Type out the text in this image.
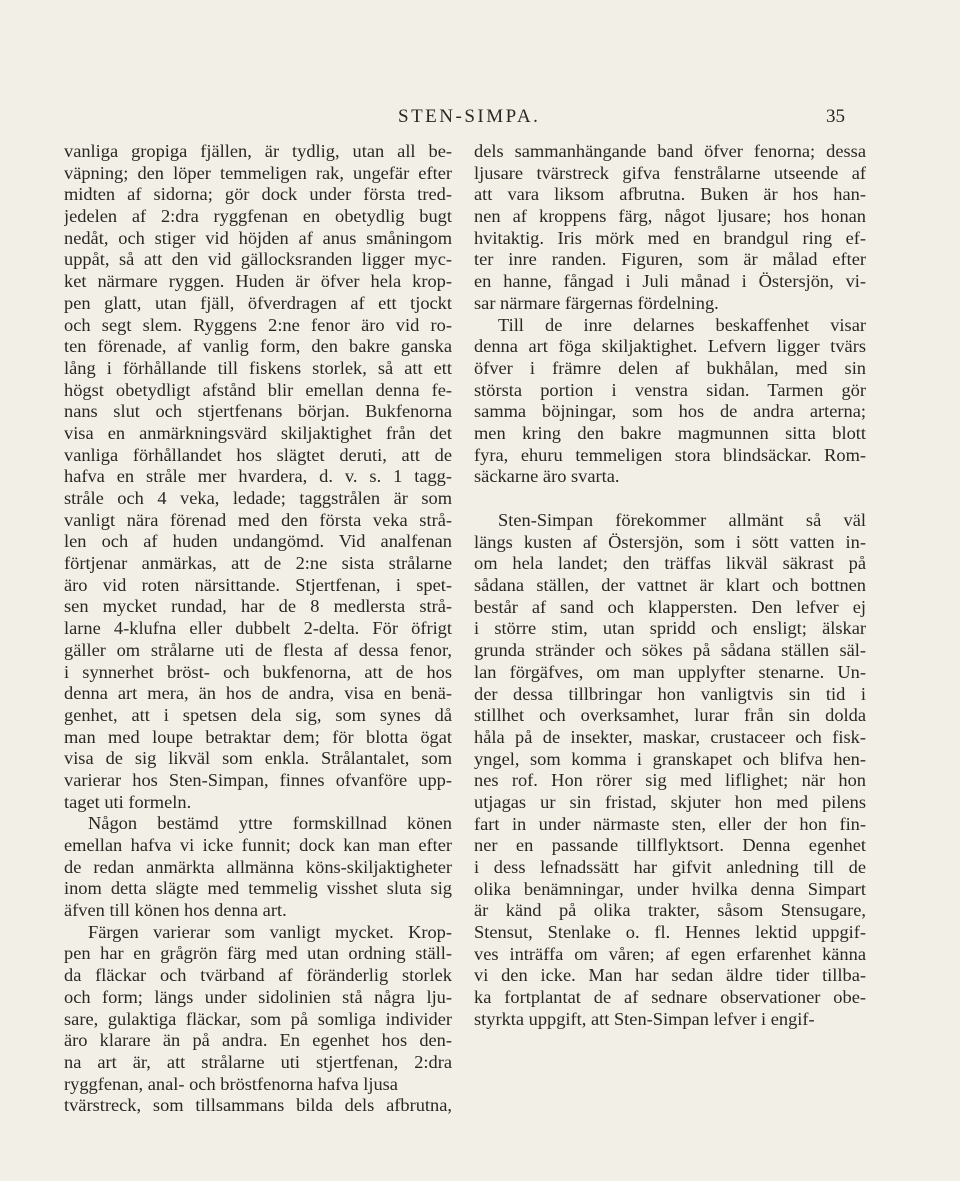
STEN-SIMPA.	35
vanliga gropiga fjällen, är tydlig, utan all be-
väpning; den löper temmeligen rak, ungefär efter
midten af sidorna; gör dock under första tred-
jedelen af 2:dra ryggfenan en obetydlig bugt
nedåt, och stiger vid höjden af anus småningom
uppåt, så att den vid gällocksranden ligger myc-
ket närmare ryggen. Huden är öfver hela krop-
pen glatt, utan fjäll, öfverdragen af ett tjockt
och segt slem. Ryggens 2:ne fenor äro vid ro-
ten förenade, af vanlig form, den bakre ganska
lång i förhållande till fiskens storlek, så att ett
högst obetydligt afstånd blir emellan denna fe-
nans slut och stjertfenans början. Bukfenorna
visa en anmärkningsvärd skiljaktighet från det
vanliga förhållandet hos slägtet deruti, att de
hafva en stråle mer hvardera, d. v. s. 1 tagg-
stråle och 4 veka, ledade; taggstrålen är som
vanligt nära förenad med den första veka strå-
len och af huden undangömd. Vid analfenan
förtjenar anmärkas, att de 2:ne sista strålarne
äro vid roten närsittande. Stjertfenan, i spet-
sen mycket rundad, har de 8 medlersta strå-
larne 4-klufna eller dubbelt 2-delta. För öfrigt
gäller om strålarne uti de flesta af dessa fenor,
i synnerhet bröst- och bukfenorna, att de hos
denna art mera, än hos de andra, visa en benä-
genhet, att i spetsen dela sig, som synes då
man med loupe betraktar dem; för blotta ögat
visa de sig likväl som enkla. Strålantalet, som
varierar hos Sten-Simpan, finnes ofvanföre upp-
taget uti formeln.
Någon bestämd yttre formskillnad könen
emellan hafva vi icke funnit; dock kan man efter
de redan anmärkta allmänna köns-skiljaktigheter
inom detta slägte med temmelig visshet sluta sig
äfven till könen hos denna art.
Färgen varierar som vanligt mycket. Krop-
pen har en grågrön färg med utan ordning ställ-
da fläckar och tvärband af föränderlig storlek
och form; längs under sidolinien stå några lju-
sare, gulaktiga fläckar, som på somliga individer
äro klarare än på andra. En egenhet hos den-
na art är, att strålarne uti stjertfenan, 2:dra
ryggfenan, anal- och bröstfenorna hafva ljusa
tvärstreck, som tillsammans bilda dels afbrutna,
dels sammanhängande band öfver fenorna; dessa
ljusare tvärstreck gifva fenstrålarne utseende af
att vara liksom afbrutna. Buken är hos han-
nen af kroppens färg, något ljusare; hos honan
hvitaktig. Iris mörk med en brandgul ring ef-
ter inre randen. Figuren, som är målad efter
en hanne, fångad i Juli månad i Östersjön, vi-
sar närmare färgernas fördelning.
Till de inre delarnes beskaffenhet visar
denna art föga skiljaktighet. Lefvern ligger tvärs
öfver i främre delen af bukhålan, med sin
största portion i venstra sidan. Tarmen gör
samma böjningar, som hos de andra arterna;
men kring den bakre magmunnen sitta blott
fyra, ehuru temmeligen stora blindsäckar. Rom-
säckarne äro svarta.
Sten-Simpan förekommer allmänt så väl
längs kusten af Östersjön, som i sött vatten in-
om hela landet; den träffas likväl säkrast på
sådana ställen, der vattnet är klart och bottnen
består af sand och klappersten. Den lefver ej
i större stim, utan spridd och ensligt; älskar
grunda stränder och sökes på sådana ställen säl-
lan förgäfves, om man upplyfter stenarne. Un-
der dessa tillbringar hon vanligtvis sin tid i
stillhet och overksamhet, lurar från sin dolda
håla på de insekter, maskar, crustaceer och fisk-
yngel, som komma i granskapet och blifva hen-
nes rof. Hon rörer sig med liflighet; när hon
utjagas ur sin fristad, skjuter hon med pilens
fart in under närmaste sten, eller der hon fin-
ner en passande tillflyktsort. Denna egenhet
i dess lefnadssätt har gifvit anledning till de
olika benämningar, under hvilka denna Simpart
är känd på olika trakter, såsom Stensugare,
Stensut, Stenlake o. fl. Hennes lektid uppgif-
ves inträffa om våren; af egen erfarenhet känna
vi den icke. Man har sedan äldre tider tillba-
ka fortplantat de af sednare observationer obe-
styrkta uppgift, att Sten-Simpan lefver i engif-
